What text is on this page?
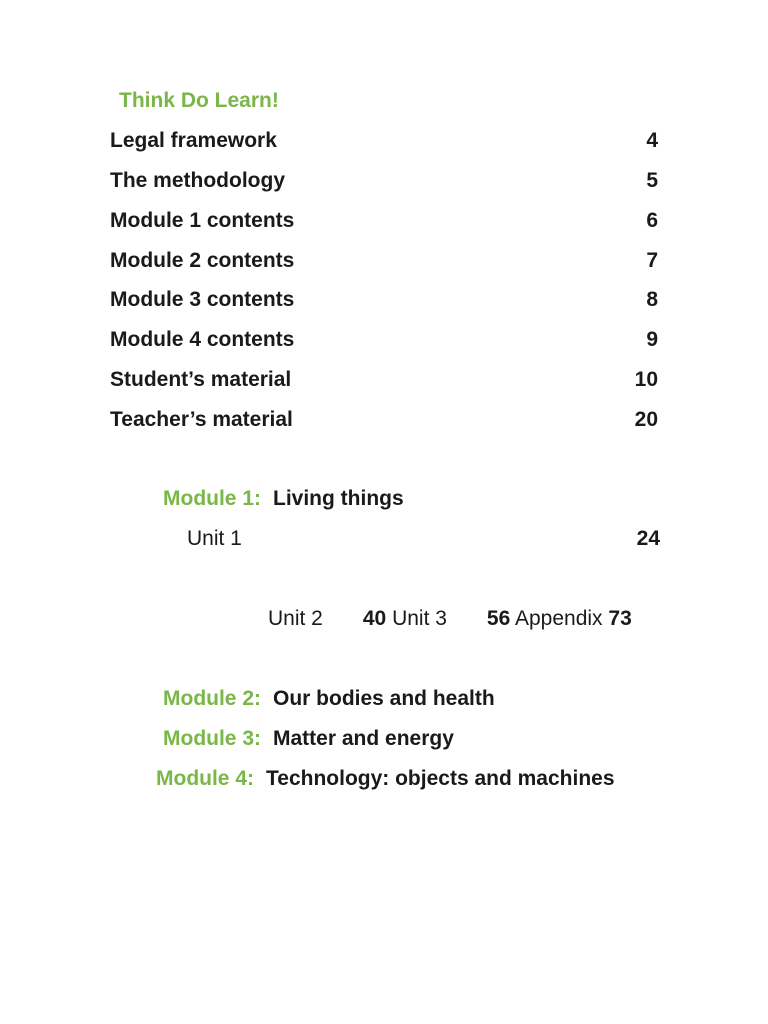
Think Do Learn!
Legal framework	4
The methodology	5
Module 1 contents	6
Module 2 contents	7
Module 3 contents	8
Module 4 contents	9
Student’s material	10
Teacher’s material	20
Module 1: Living things
Unit 1	24
Unit 2 40 Unit 3 56 Appendix 73
Module 2: Our bodies and health
Module 3: Matter and energy
Module 4: Technology: objects and machines
